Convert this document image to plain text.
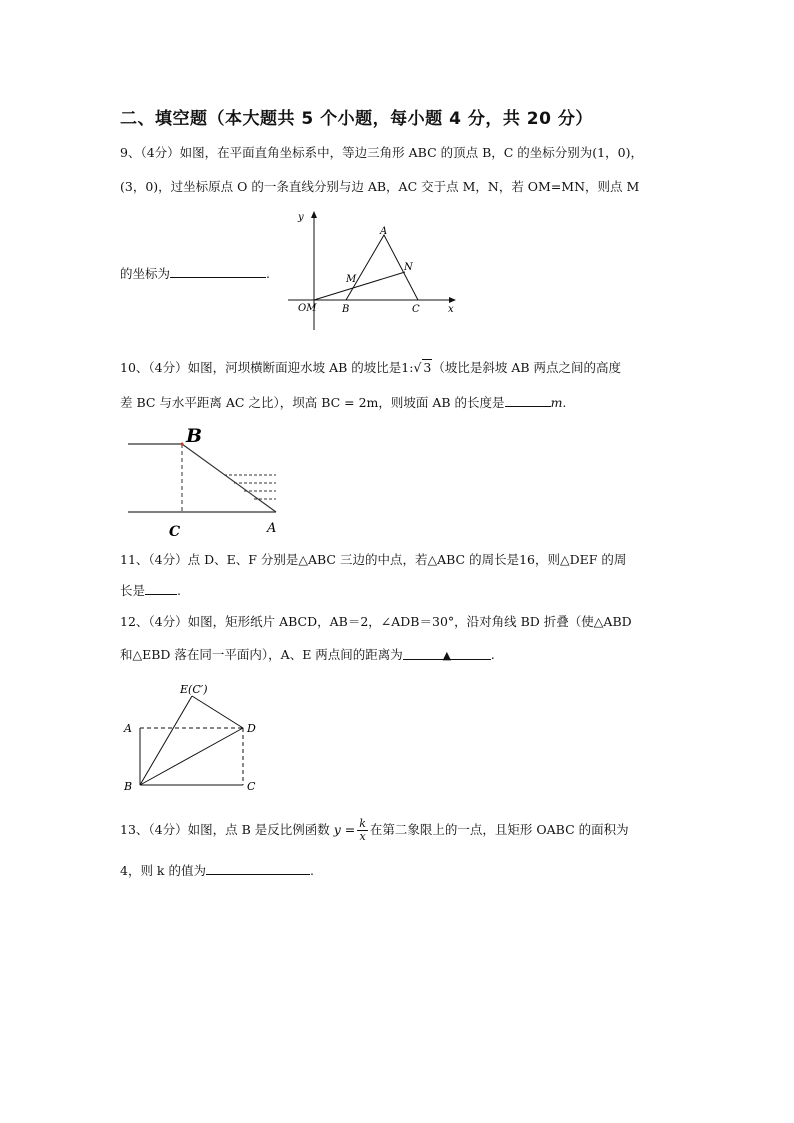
二、填空题（本大题共 5 个小题，每小题 4 分，共 20 分）
9、（4分）如图，在平面直角坐标系中，等边三角形 ABC 的顶点 B，C 的坐标分别为(1，0)，
(3，0)，过坐标原点 O 的一条直线分别与边 AB，AC 交于点 M，N，若 OM=MN，则点 M
y
x
OM
A
B	C
M
N
的坐标为	.
10、（4分）如图，河坝横断面迎水坡 AB 的坡比是1:√ 3（坡比是斜坡 AB 两点之间的高度
差 BC 与水平距离 AC 之比），坝高 BC = 2m，则坡面 AB 的长度是	m.
B
C	A
11、（4分）点 D、E、F 分别是△ABC 三边的中点，若△ABC 的周长是16，则△DEF 的周
长是	.
12、（4分）如图，矩形纸片 ABCD，AB＝2，∠ADB＝30°，沿对角线 BD 折叠（使△ABD
和△EBD 落在同一平面内），A、E 两点间的距离为	▲	.
E(C′)
A	D
B	C
13、（4分）如图，点 B 是反比例函数 $y = \frac{k}{x}$ 在第二象限上的一点，且矩形 OABC 的面积为
4，则 k 的值为	.
